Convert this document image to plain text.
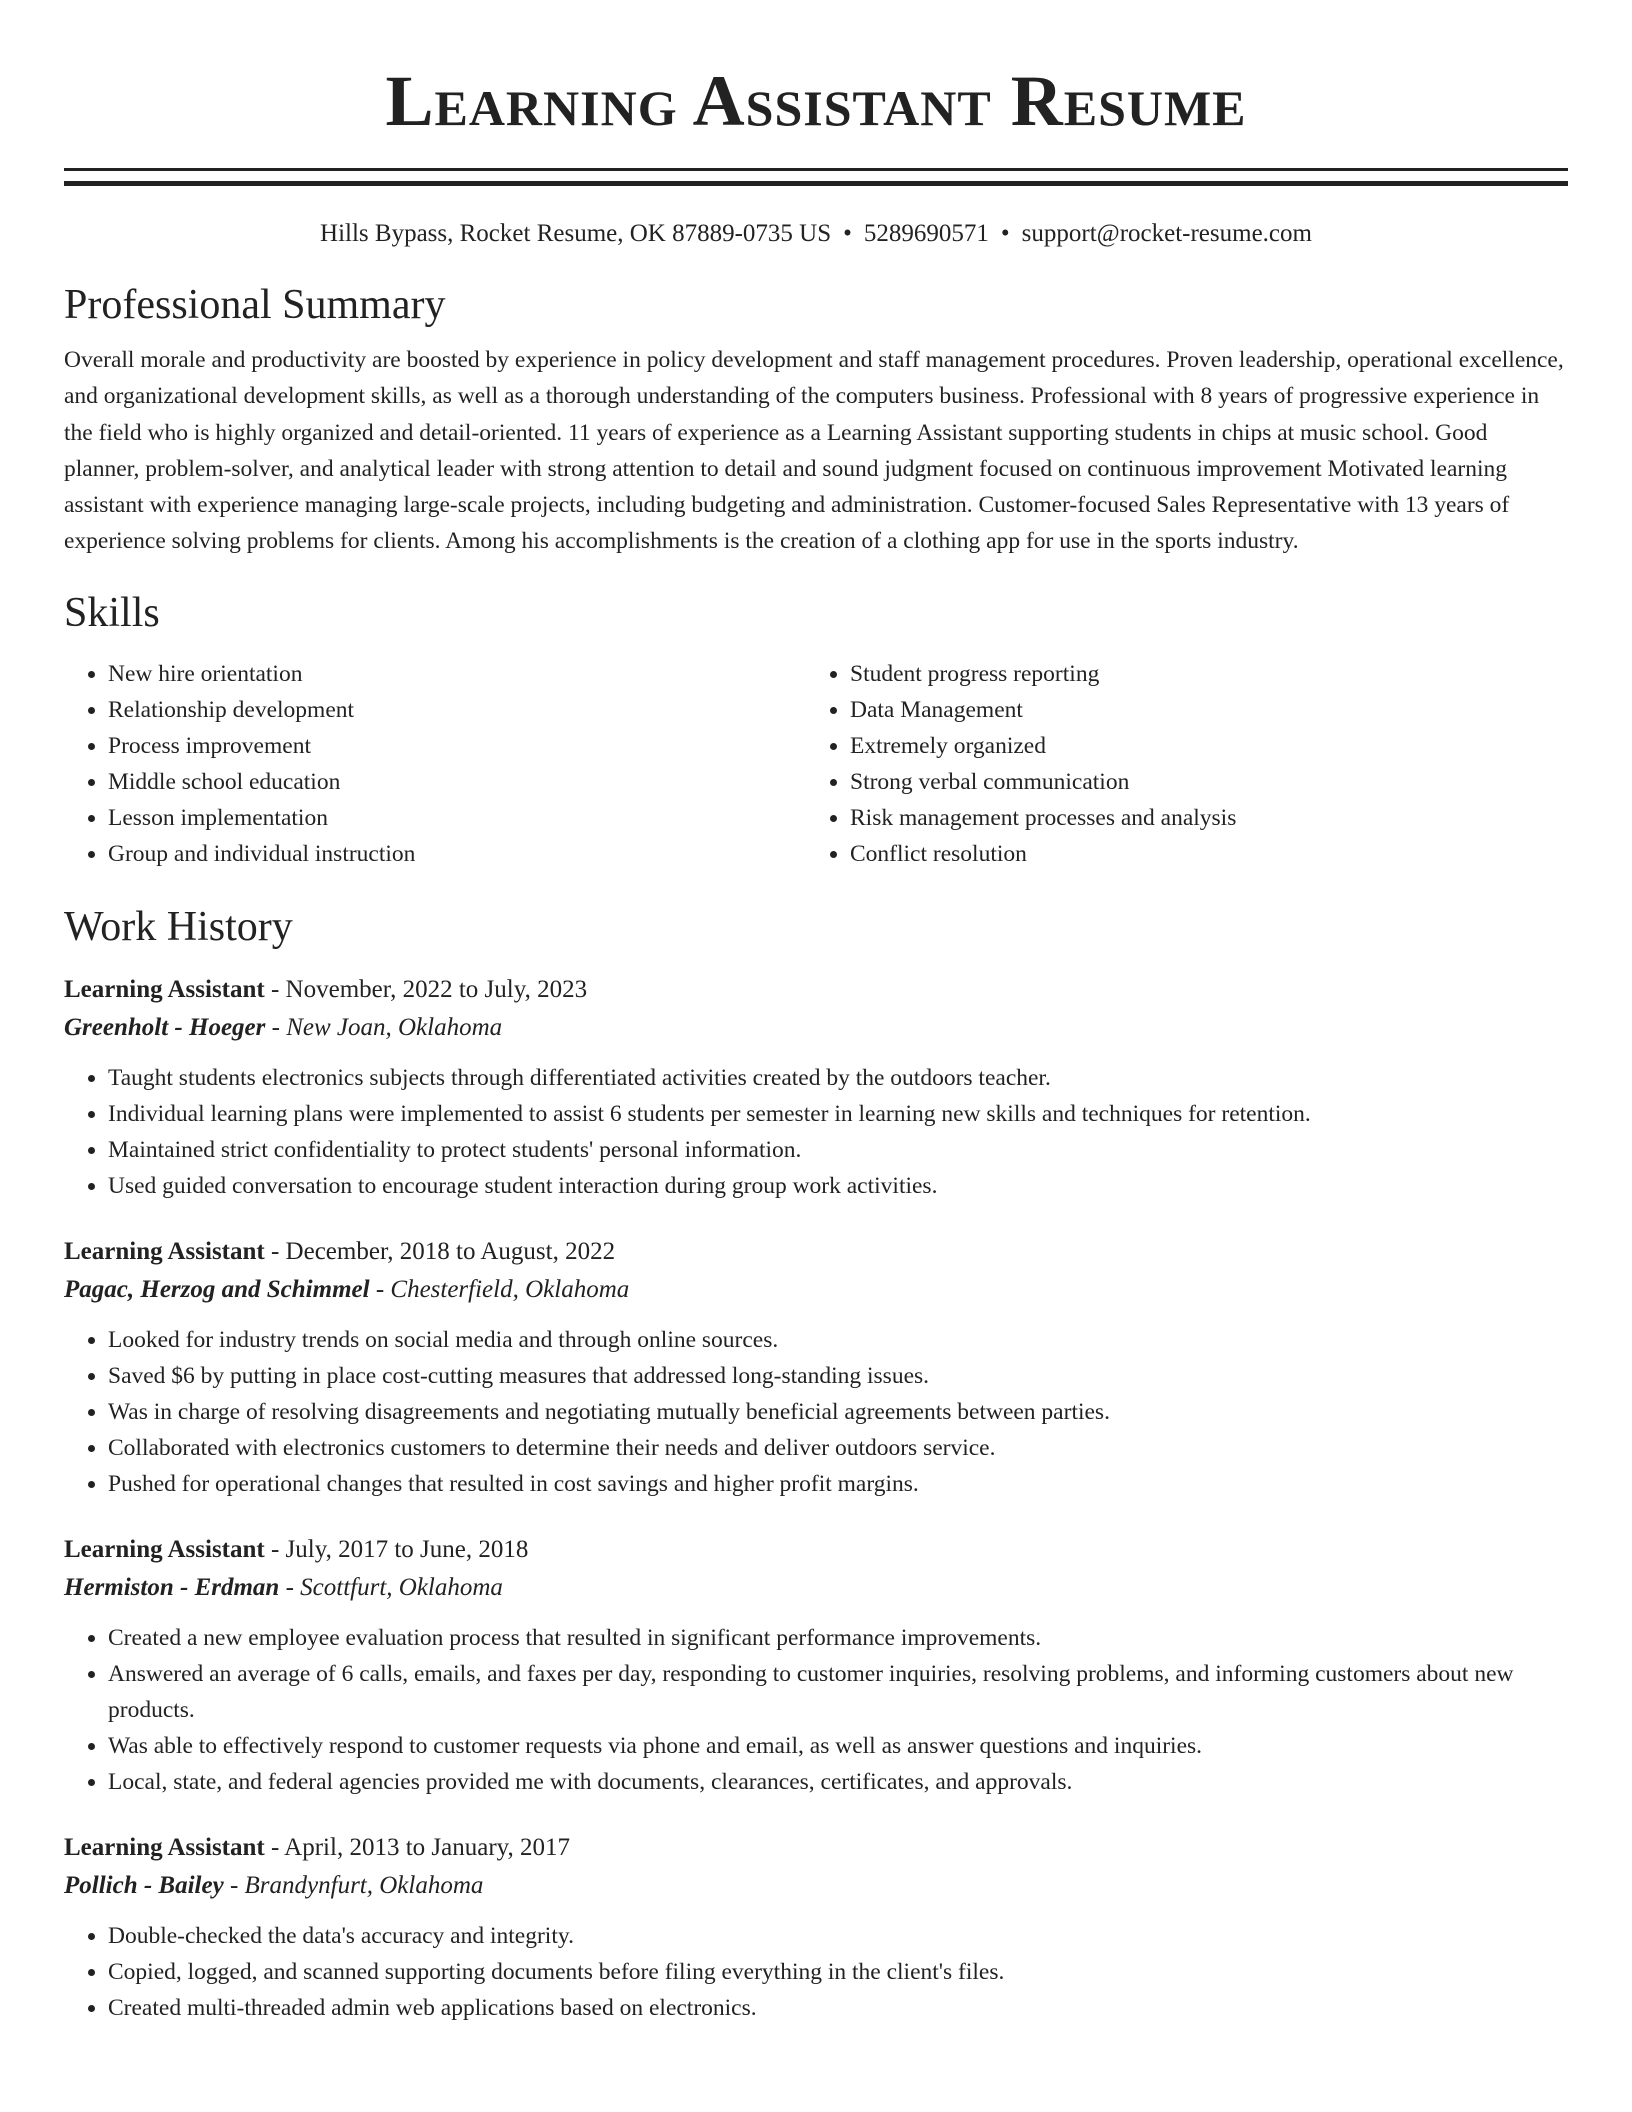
Learning Assistant Resume
Hills Bypass, Rocket Resume, OK 87889-0735 US • 5289690571 • support@rocket-resume.com
Professional Summary

Overall morale and productivity are boosted by experience in policy development and staff management procedures. Proven leadership, operational excellence, and organizational development skills, as well as a thorough understanding of the computers business. Professional with 8 years of progressive experience in the field who is highly organized and detail-oriented. 11 years of experience as a Learning Assistant supporting students in chips at music school. Good planner, problem-solver, and analytical leader with strong attention to detail and sound judgment focused on continuous improvement Motivated learning assistant with experience managing large-scale projects, including budgeting and administration. Customer-focused Sales Representative with 13 years of experience solving problems for clients. Among his accomplishments is the creation of a clothing app for use in the sports industry.

Skills
• New hire orientation
• Relationship development
• Process improvement
• Middle school education
• Lesson implementation
• Group and individual instruction
• Student progress reporting
• Data Management
• Extremely organized
• Strong verbal communication
• Risk management processes and analysis
• Conflict resolution
Work History
Learning Assistant - November, 2022 to July, 2023
Greenholt - Hoeger - New Joan, Oklahoma
• Taught students electronics subjects through differentiated activities created by the outdoors teacher.
• Individual learning plans were implemented to assist 6 students per semester in learning new skills and techniques for retention.
• Maintained strict confidentiality to protect students' personal information.
• Used guided conversation to encourage student interaction during group work activities.
Learning Assistant - December, 2018 to August, 2022
Pagac, Herzog and Schimmel - Chesterfield, Oklahoma
• Looked for industry trends on social media and through online sources.
• Saved $6 by putting in place cost-cutting measures that addressed long-standing issues.
• Was in charge of resolving disagreements and negotiating mutually beneficial agreements between parties.
• Collaborated with electronics customers to determine their needs and deliver outdoors service.
• Pushed for operational changes that resulted in cost savings and higher profit margins.
Learning Assistant - July, 2017 to June, 2018
Hermiston - Erdman - Scottfurt, Oklahoma
• Created a new employee evaluation process that resulted in significant performance improvements.
• Answered an average of 6 calls, emails, and faxes per day, responding to customer inquiries, resolving problems, and informing customers about new products.
• Was able to effectively respond to customer requests via phone and email, as well as answer questions and inquiries.
• Local, state, and federal agencies provided me with documents, clearances, certificates, and approvals.
Learning Assistant - April, 2013 to January, 2017
Pollich - Bailey - Brandynfurt, Oklahoma
• Double-checked the data's accuracy and integrity.
• Copied, logged, and scanned supporting documents before filing everything in the client's files.
• Created multi-threaded admin web applications based on electronics.
